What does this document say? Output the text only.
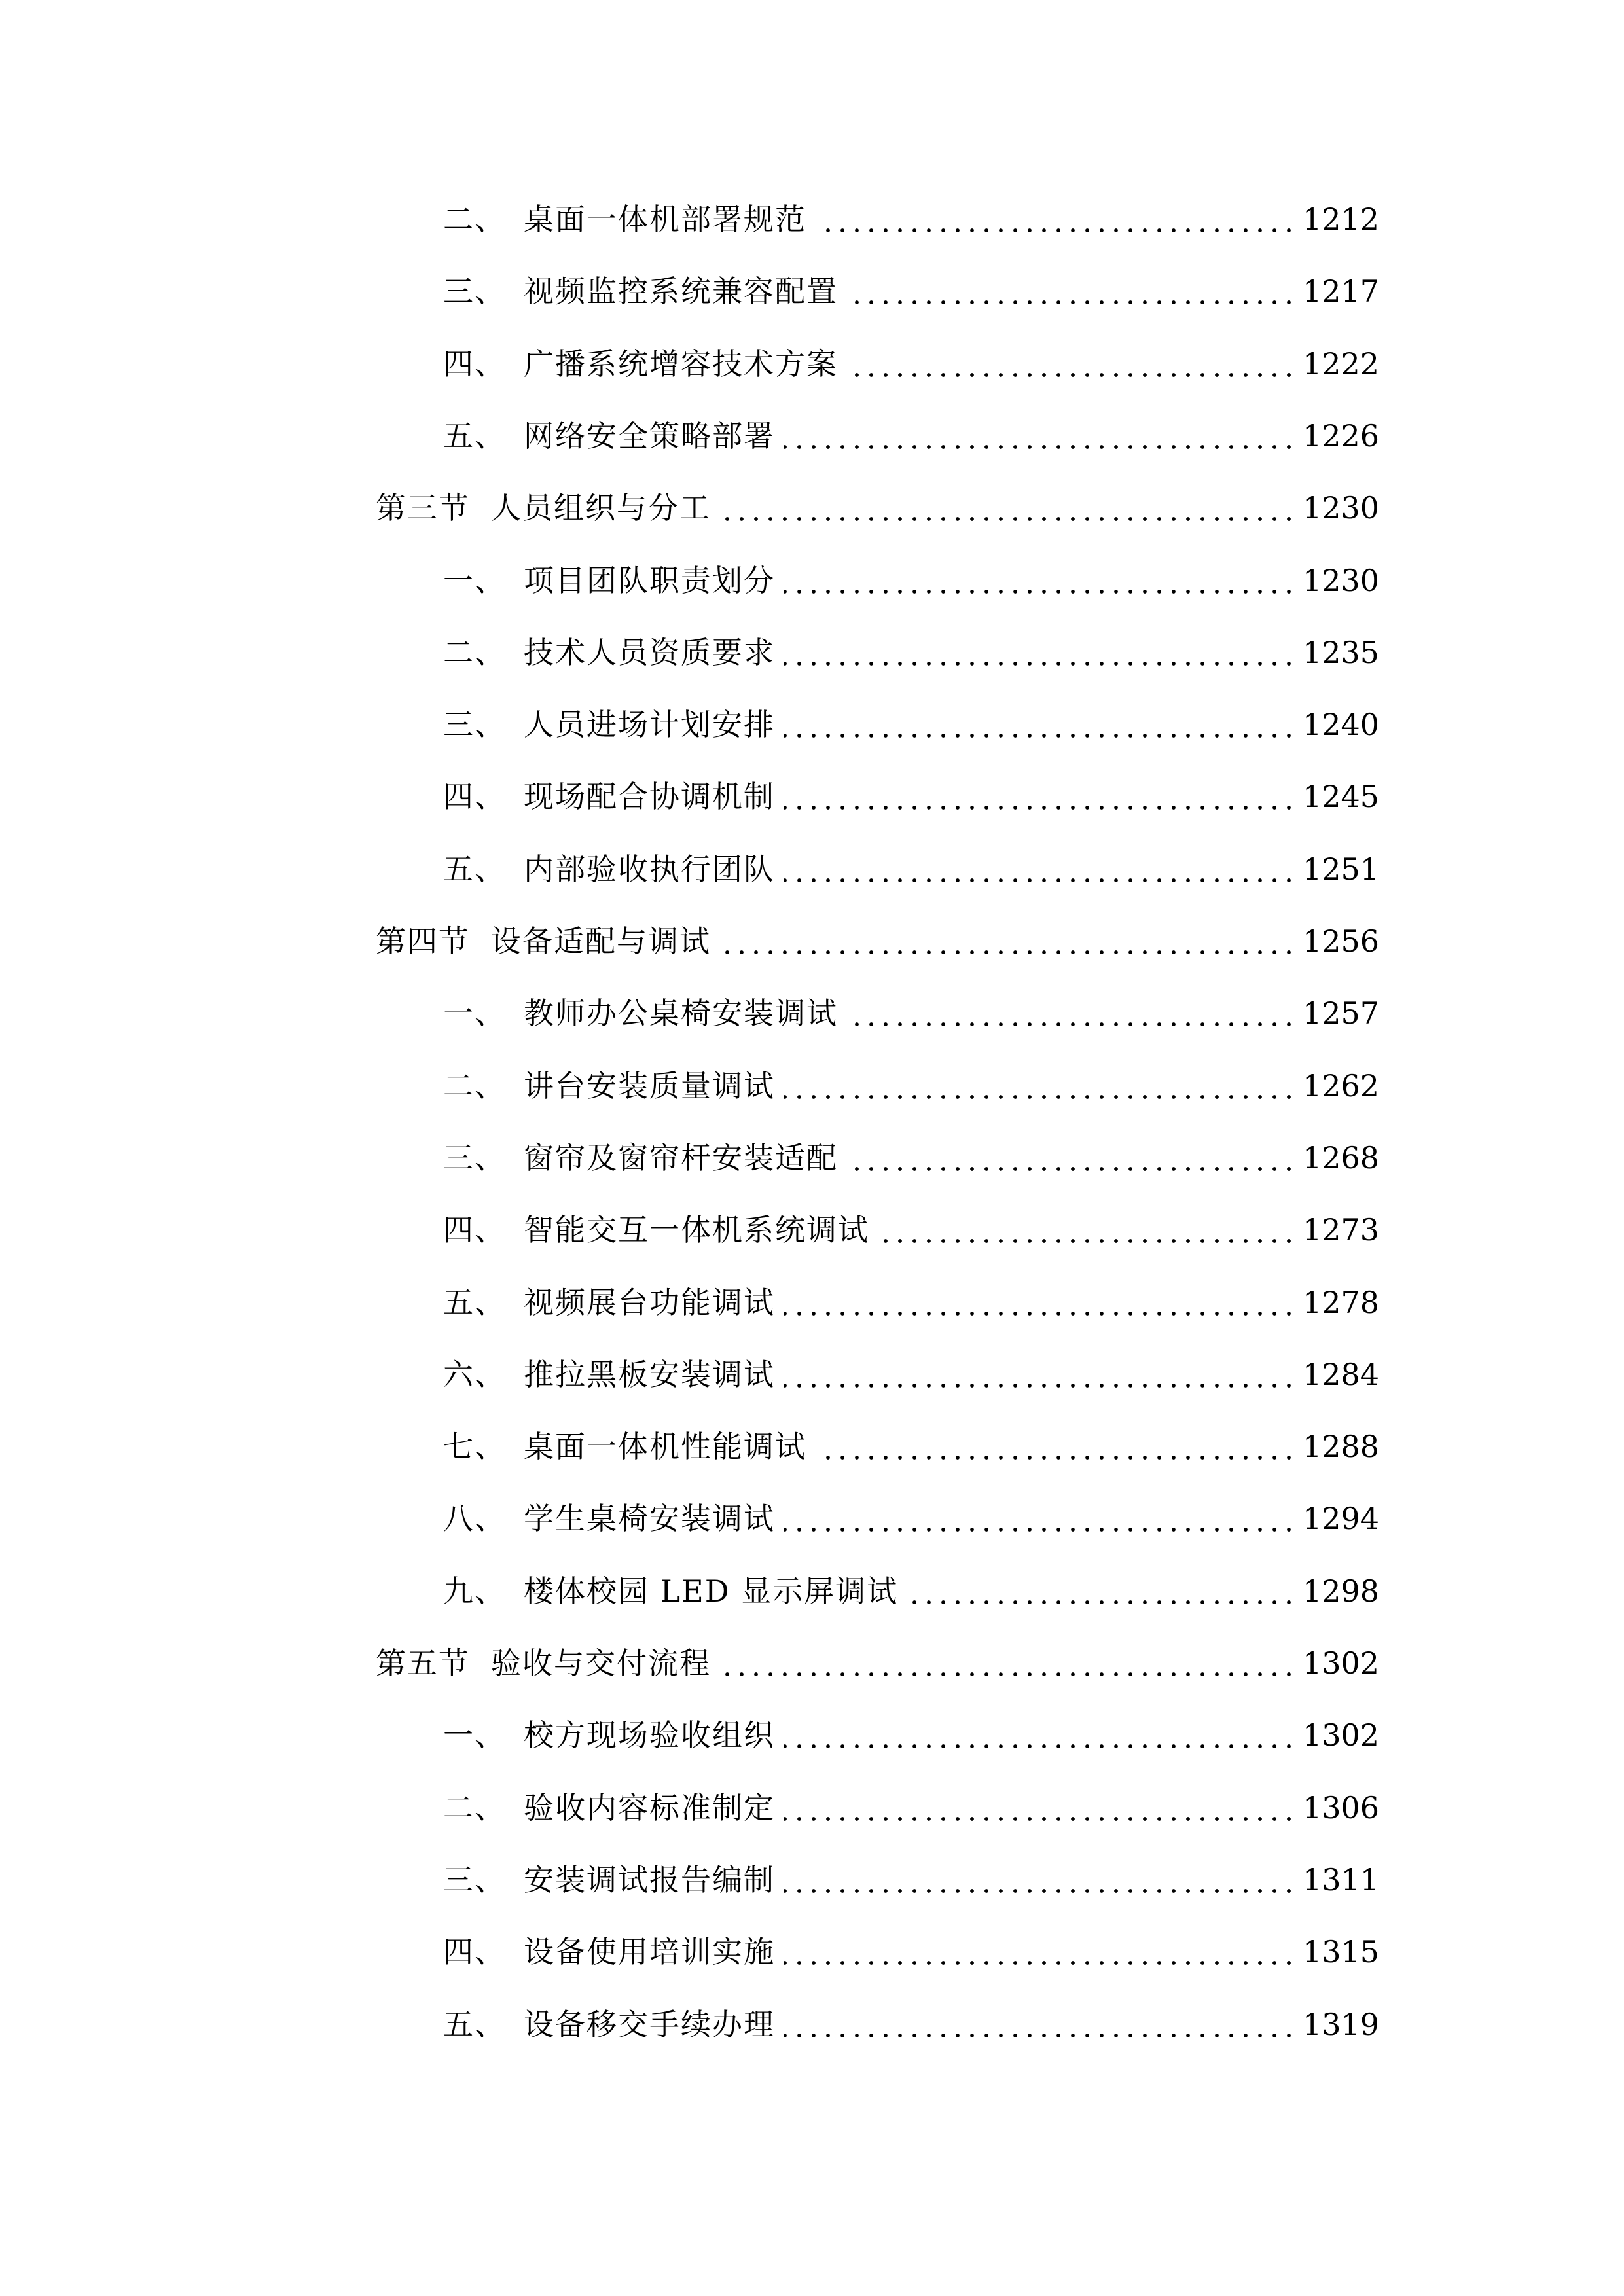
二、 桌面一体机部署规范	1212
三、 视频监控系统兼容配置	1217
四、 广播系统增容技术方案	1222
五、 网络安全策略部署	1226
第三节 人员组织与分工	1230
一、 项目团队职责划分	1230
二、 技术人员资质要求	1235
三、 人员进场计划安排	1240
四、 现场配合协调机制	1245
五、 内部验收执行团队	1251
第四节 设备适配与调试	1256
一、 教师办公桌椅安装调试	1257
二、 讲台安装质量调试	1262
三、 窗帘及窗帘杆安装适配	1268
四、 智能交互一体机系统调试	1273
五、 视频展台功能调试	1278
六、 推拉黑板安装调试	1284
七、 桌面一体机性能调试	1288
八、 学生桌椅安装调试	1294
九、 楼体校园 LED 显示屏调试	1298
第五节 验收与交付流程	1302
一、 校方现场验收组织	1302
二、 验收内容标准制定	1306
三、 安装调试报告编制	1311
四、 设备使用培训实施	1315
五、 设备移交手续办理	1319
